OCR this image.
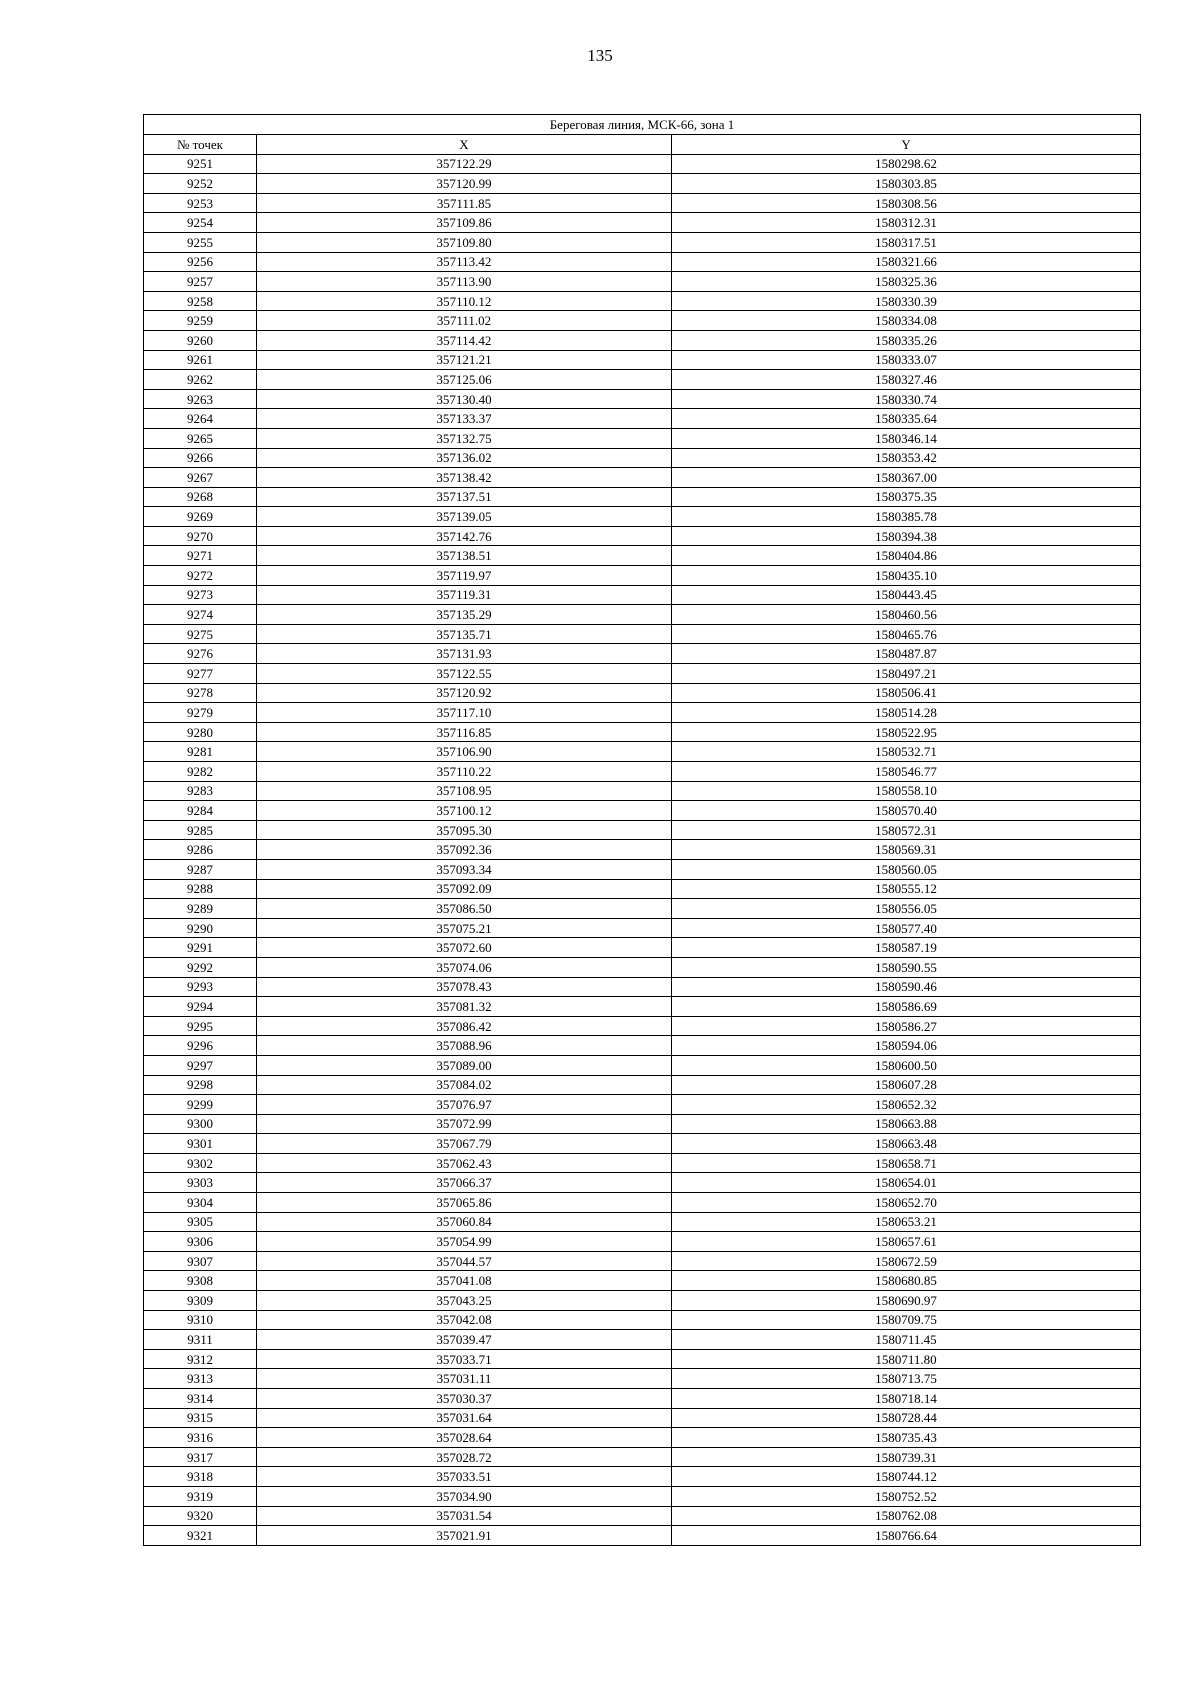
135
Береговая линия, МСК-66, зона 1		
№ точек	X	Y
9251	357122.29	1580298.62
9252	357120.99	1580303.85
9253	357111.85	1580308.56
9254	357109.86	1580312.31
9255	357109.80	1580317.51
9256	357113.42	1580321.66
9257	357113.90	1580325.36
9258	357110.12	1580330.39
9259	357111.02	1580334.08
9260	357114.42	1580335.26
9261	357121.21	1580333.07
9262	357125.06	1580327.46
9263	357130.40	1580330.74
9264	357133.37	1580335.64
9265	357132.75	1580346.14
9266	357136.02	1580353.42
9267	357138.42	1580367.00
9268	357137.51	1580375.35
9269	357139.05	1580385.78
9270	357142.76	1580394.38
9271	357138.51	1580404.86
9272	357119.97	1580435.10
9273	357119.31	1580443.45
9274	357135.29	1580460.56
9275	357135.71	1580465.76
9276	357131.93	1580487.87
9277	357122.55	1580497.21
9278	357120.92	1580506.41
9279	357117.10	1580514.28
9280	357116.85	1580522.95
9281	357106.90	1580532.71
9282	357110.22	1580546.77
9283	357108.95	1580558.10
9284	357100.12	1580570.40
9285	357095.30	1580572.31
9286	357092.36	1580569.31
9287	357093.34	1580560.05
9288	357092.09	1580555.12
9289	357086.50	1580556.05
9290	357075.21	1580577.40
9291	357072.60	1580587.19
9292	357074.06	1580590.55
9293	357078.43	1580590.46
9294	357081.32	1580586.69
9295	357086.42	1580586.27
9296	357088.96	1580594.06
9297	357089.00	1580600.50
9298	357084.02	1580607.28
9299	357076.97	1580652.32
9300	357072.99	1580663.88
9301	357067.79	1580663.48
9302	357062.43	1580658.71
9303	357066.37	1580654.01
9304	357065.86	1580652.70
9305	357060.84	1580653.21
9306	357054.99	1580657.61
9307	357044.57	1580672.59
9308	357041.08	1580680.85
9309	357043.25	1580690.97
9310	357042.08	1580709.75
9311	357039.47	1580711.45
9312	357033.71	1580711.80
9313	357031.11	1580713.75
9314	357030.37	1580718.14
9315	357031.64	1580728.44
9316	357028.64	1580735.43
9317	357028.72	1580739.31
9318	357033.51	1580744.12
9319	357034.90	1580752.52
9320	357031.54	1580762.08
9321	357021.91	1580766.64
